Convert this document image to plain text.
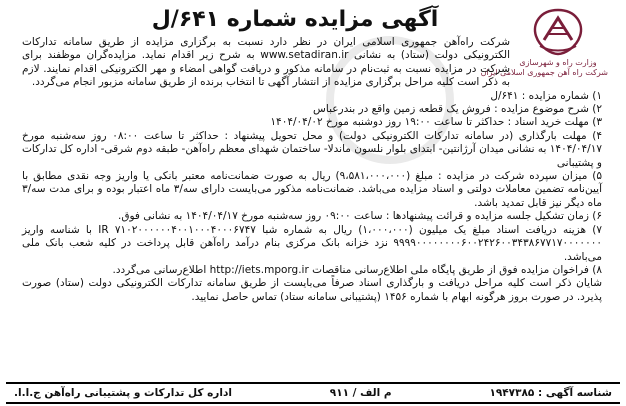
وزارت راه و شهرسازی
شرکت راه آهن جمهوری اسلامی ایران
آگهی مزایده شماره ۶۴۱/ل

شرکت راه‌آهن جمهوری اسلامی ایران در نظر دارد نسبت به برگزاری مزایده از طریق سامانه تدارکات الکترونیکی دولت (ستاد) به نشانی www.setadiran.ir به شرح زیر اقدام نماید. مزایده‌گران موظفند برای شرکت در مزایده نسبت به ثبت‌نام در سامانه مذکور و دریافت گواهی امضاء و مهر الکترونیکی اقدام نمایند. لازم به ذکر است کلیه مراحل برگزاری مزایده از انتشار آگهی تا انتخاب برنده از طریق سامانه مزبور انجام می‌گردد.

۱) شماره مزایده : ۶۴۱/ل

۲) شرح موضوع مزایده : فروش یک قطعه زمین واقع در بندرعباس

۳) مهلت خرید اسناد : حداکثر تا ساعت ۱۹:۰۰ روز دوشنبه مورخ ۱۴۰۴/۰۴/۰۲

۴) مهلت بارگذاری (در سامانه تدارکات الکترونیکی دولت) و محل تحویل پیشنهاد : حداکثر تا ساعت ۰۸:۰۰ روز سه‌شنبه مورخ ۱۴۰۴/۰۴/۱۷ به نشانی میدان آرژانتین- ابتدای بلوار نلسون ماندلا- ساختمان شهدای معظم راه‌آهن- طبقه دوم شرقی- اداره کل تدارکات و پشتیبانی

۵) میزان سپرده شرکت در مزایده : مبلغ (۹،۵۸۱،۰۰۰،۰۰۰) ریال به صورت ضمانت‌نامه معتبر بانکی یا واریز وجه نقدی مطابق با آیین‌نامه تضمین معاملات دولتی و اسناد مزایده می‌باشد. ضمانت‌نامه مذکور می‌بایست دارای سه/۳ ماه اعتبار بوده و برای مدت سه/۳ ماه دیگر نیز قابل تمدید باشد.

۶) زمان تشکیل جلسه مزایده و قرائت پیشنهادها : ساعت ۰۹:۰۰ روز سه‌شنبه مورخ ۱۴۰۴/۰۴/۱۷ به نشانی فوق.

۷) هزینه دریافت اسناد مبلغ یک میلیون (۱،۰۰۰،۰۰۰) ریال به شماره شبا IR ۷۱۰۲۰۰۰۰۰۰۴۰۰۱۰۰۰۴۰۰۰۶۷۴۷ با شناسه واریز ۹۹۹۹۰۰۰۰۰۰۰۰۶۰۰۲۴۲۶۰۰۳۴۳۸۶۷۷۱۷۰۰۰۰۰۰۰ نزد خزانه بانک مرکزی بنام درآمد راه‌آهن قابل پرداخت در کلیه شعب بانک ملی می‌باشد.

۸) فراخوان مزایده فوق از طریق پایگاه ملی اطلاع‌رسانی مناقصات http://iets.mporg.ir اطلاع‌رسانی می‌گردد.

شایان ذکر است کلیه مراحل دریافت و بارگذاری اسناد صرفاً می‌بایست از طریق سامانه تدارکات الکترونیکی دولت (ستاد) صورت پذیرد. در صورت بروز هرگونه ابهام با شماره ۱۴۵۶ (پشتیبانی سامانه ستاد) تماس حاصل نمایید.

شناسه آگهی : ۱۹۴۷۳۸۵
م الف / ۹۱۱
اداره کل تدارکات و پشتیبانی راه‌آهن ج.ا.ا.
